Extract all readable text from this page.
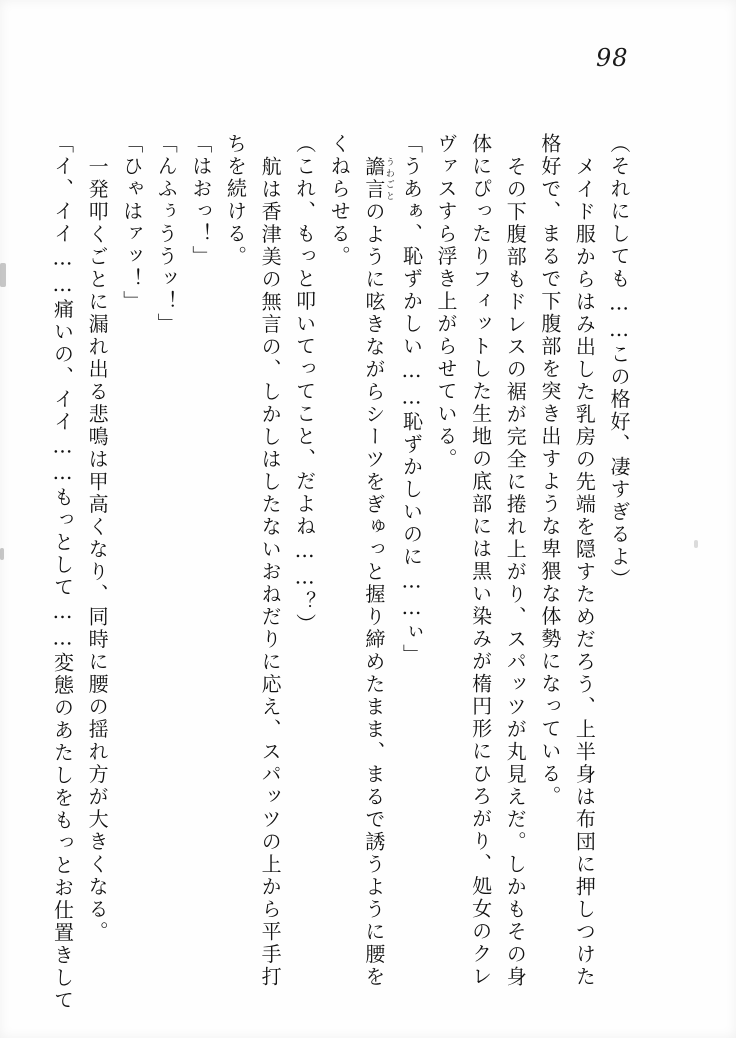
98
（それにしても……この格好、凄すぎるよ）
メイド服からはみ出した乳房の先端を隠すためだろう、上半身は布団に押しつけた
格好で、まるで下腹部を突き出すような卑猥な体勢になっている。
その下腹部もドレスの裾が完全に捲れ上がり、スパッツが丸見えだ。しかもその身
体にぴったりフィットした生地の底部には黒い染みが楕円形にひろがり、処女のクレ
ヴァスすら浮き上がらせている。
「うあぁ、恥ずかしい……恥ずかしいのに……ぃ」
譫言うわごとのように呟きながらシーツをぎゅっと握り締めたまま、まるで誘うように腰を
くねらせる。
（これ、もっと叩いてってこと、だよね……？）
航は香津美の無言の、しかしはしたないおねだりに応え、スパッツの上から平手打
ちを続ける。
「はおっ！」
「んふぅううッ！」
「ひゃはァッ！」
一発叩くごとに漏れ出る悲鳴は甲高くなり、同時に腰の揺れ方が大きくなる。
「イ、イイ……痛いの、イイ……もっとして……変態のあたしをもっとお仕置きして
